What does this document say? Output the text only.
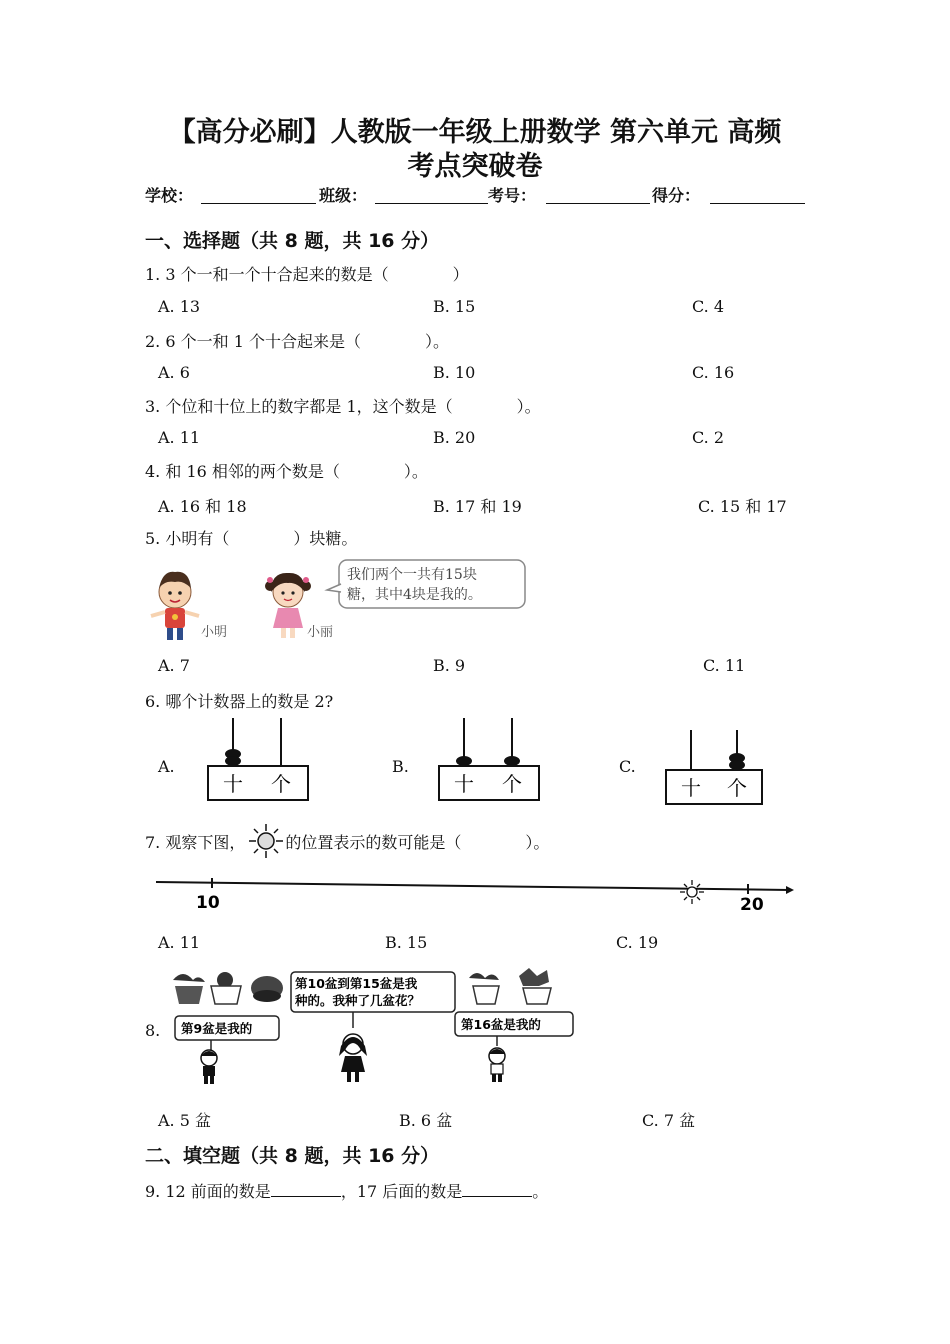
【高分必刷】人教版一年级上册数学 第六单元 高频
考点突破卷
学校：	班级：	考号：	得分：
一、选择题（共 8 题，共 16 分）
1. 3 个一和一个十合起来的数是（	）
A. 13	B. 15	C. 4
2. 6 个一和 1 个十合起来是（	）。
A. 6	B. 10	C. 16
3. 个位和十位上的数字都是 1，这个数是（	）。
A. 11	B. 20	C. 2
4. 和 16 相邻的两个数是（	）。
A. 16 和 18	B. 17 和 19	C. 15 和 17
5. 小明有（	）块糖。
小明	小丽
我们两个一共有15块
糖，其中4块是我的。
A. 7	B. 9	C. 11
6. 哪个计数器上的数是 2?
A.
十 个
B.
十 个
C.
十 个
7. 观察下图，	的位置表示的数可能是（	）。
10	20
A. 11	B. 15	C. 19
8.
第10盆到第15盆是我
种的。我种了几盆花？
第9盆是我的	第16盆是我的
A. 5 盆	B. 6 盆	C. 7 盆
二、填空题（共 8 题，共 16 分）
9. 12 前面的数是	，17 后面的数是	。
